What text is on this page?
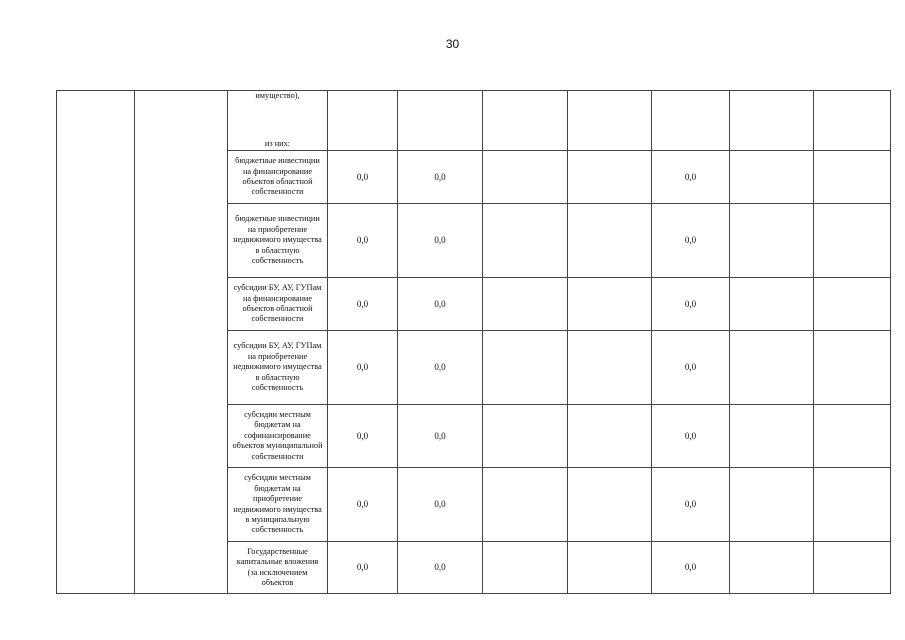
30

		имущество),
из них:							

		бюджетные инвестиции на финансирование объектов областной собственности	0,0	0,0			0,0		
		бюджетные инвестиции на приобретение недвижимого имущества в областную собственность	0,0	0,0			0,0		
		субсидии БУ, АУ, ГУПам на финансирование объектов областной собственности	0,0	0,0			0,0		
		субсидии БУ, АУ, ГУПам на приобретение недвижимого имущества в областную собственность	0,0	0,0			0,0		
		субсидии местным бюджетам на софинансирование объектов муниципальной собственности	0,0	0,0			0,0		
		субсидии местным бюджетам на приобретение недвижимого имущества в муниципальную собственность	0,0	0,0			0,0		
		Государственные капитальные вложения (за исключением объектов	0,0	0,0			0,0		
